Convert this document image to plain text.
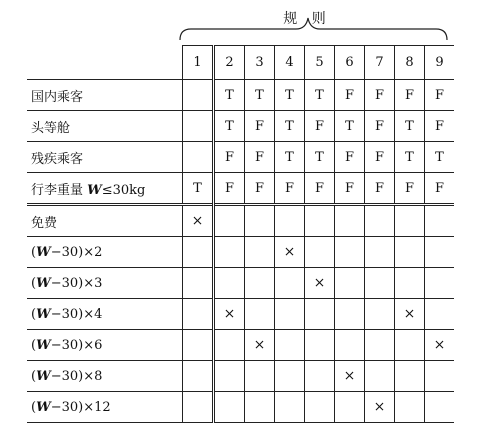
规 则
	1	2	3	4	5	6	7	8	9
国内乘客		T	T	T	T	F	F	F	F
头等舱		T	F	T	F	T	F	T	F
残疾乘客		F	F	T	T	F	F	T	T
行李重量 W≤30kg	T	F	F	F	F	F	F	F	F
免费	×								
(W−30)×2				×					
(W−30)×3					×				
(W−30)×4		×						×	
(W−30)×6			×						×
(W−30)×8						×			
(W−30)×12							×		
